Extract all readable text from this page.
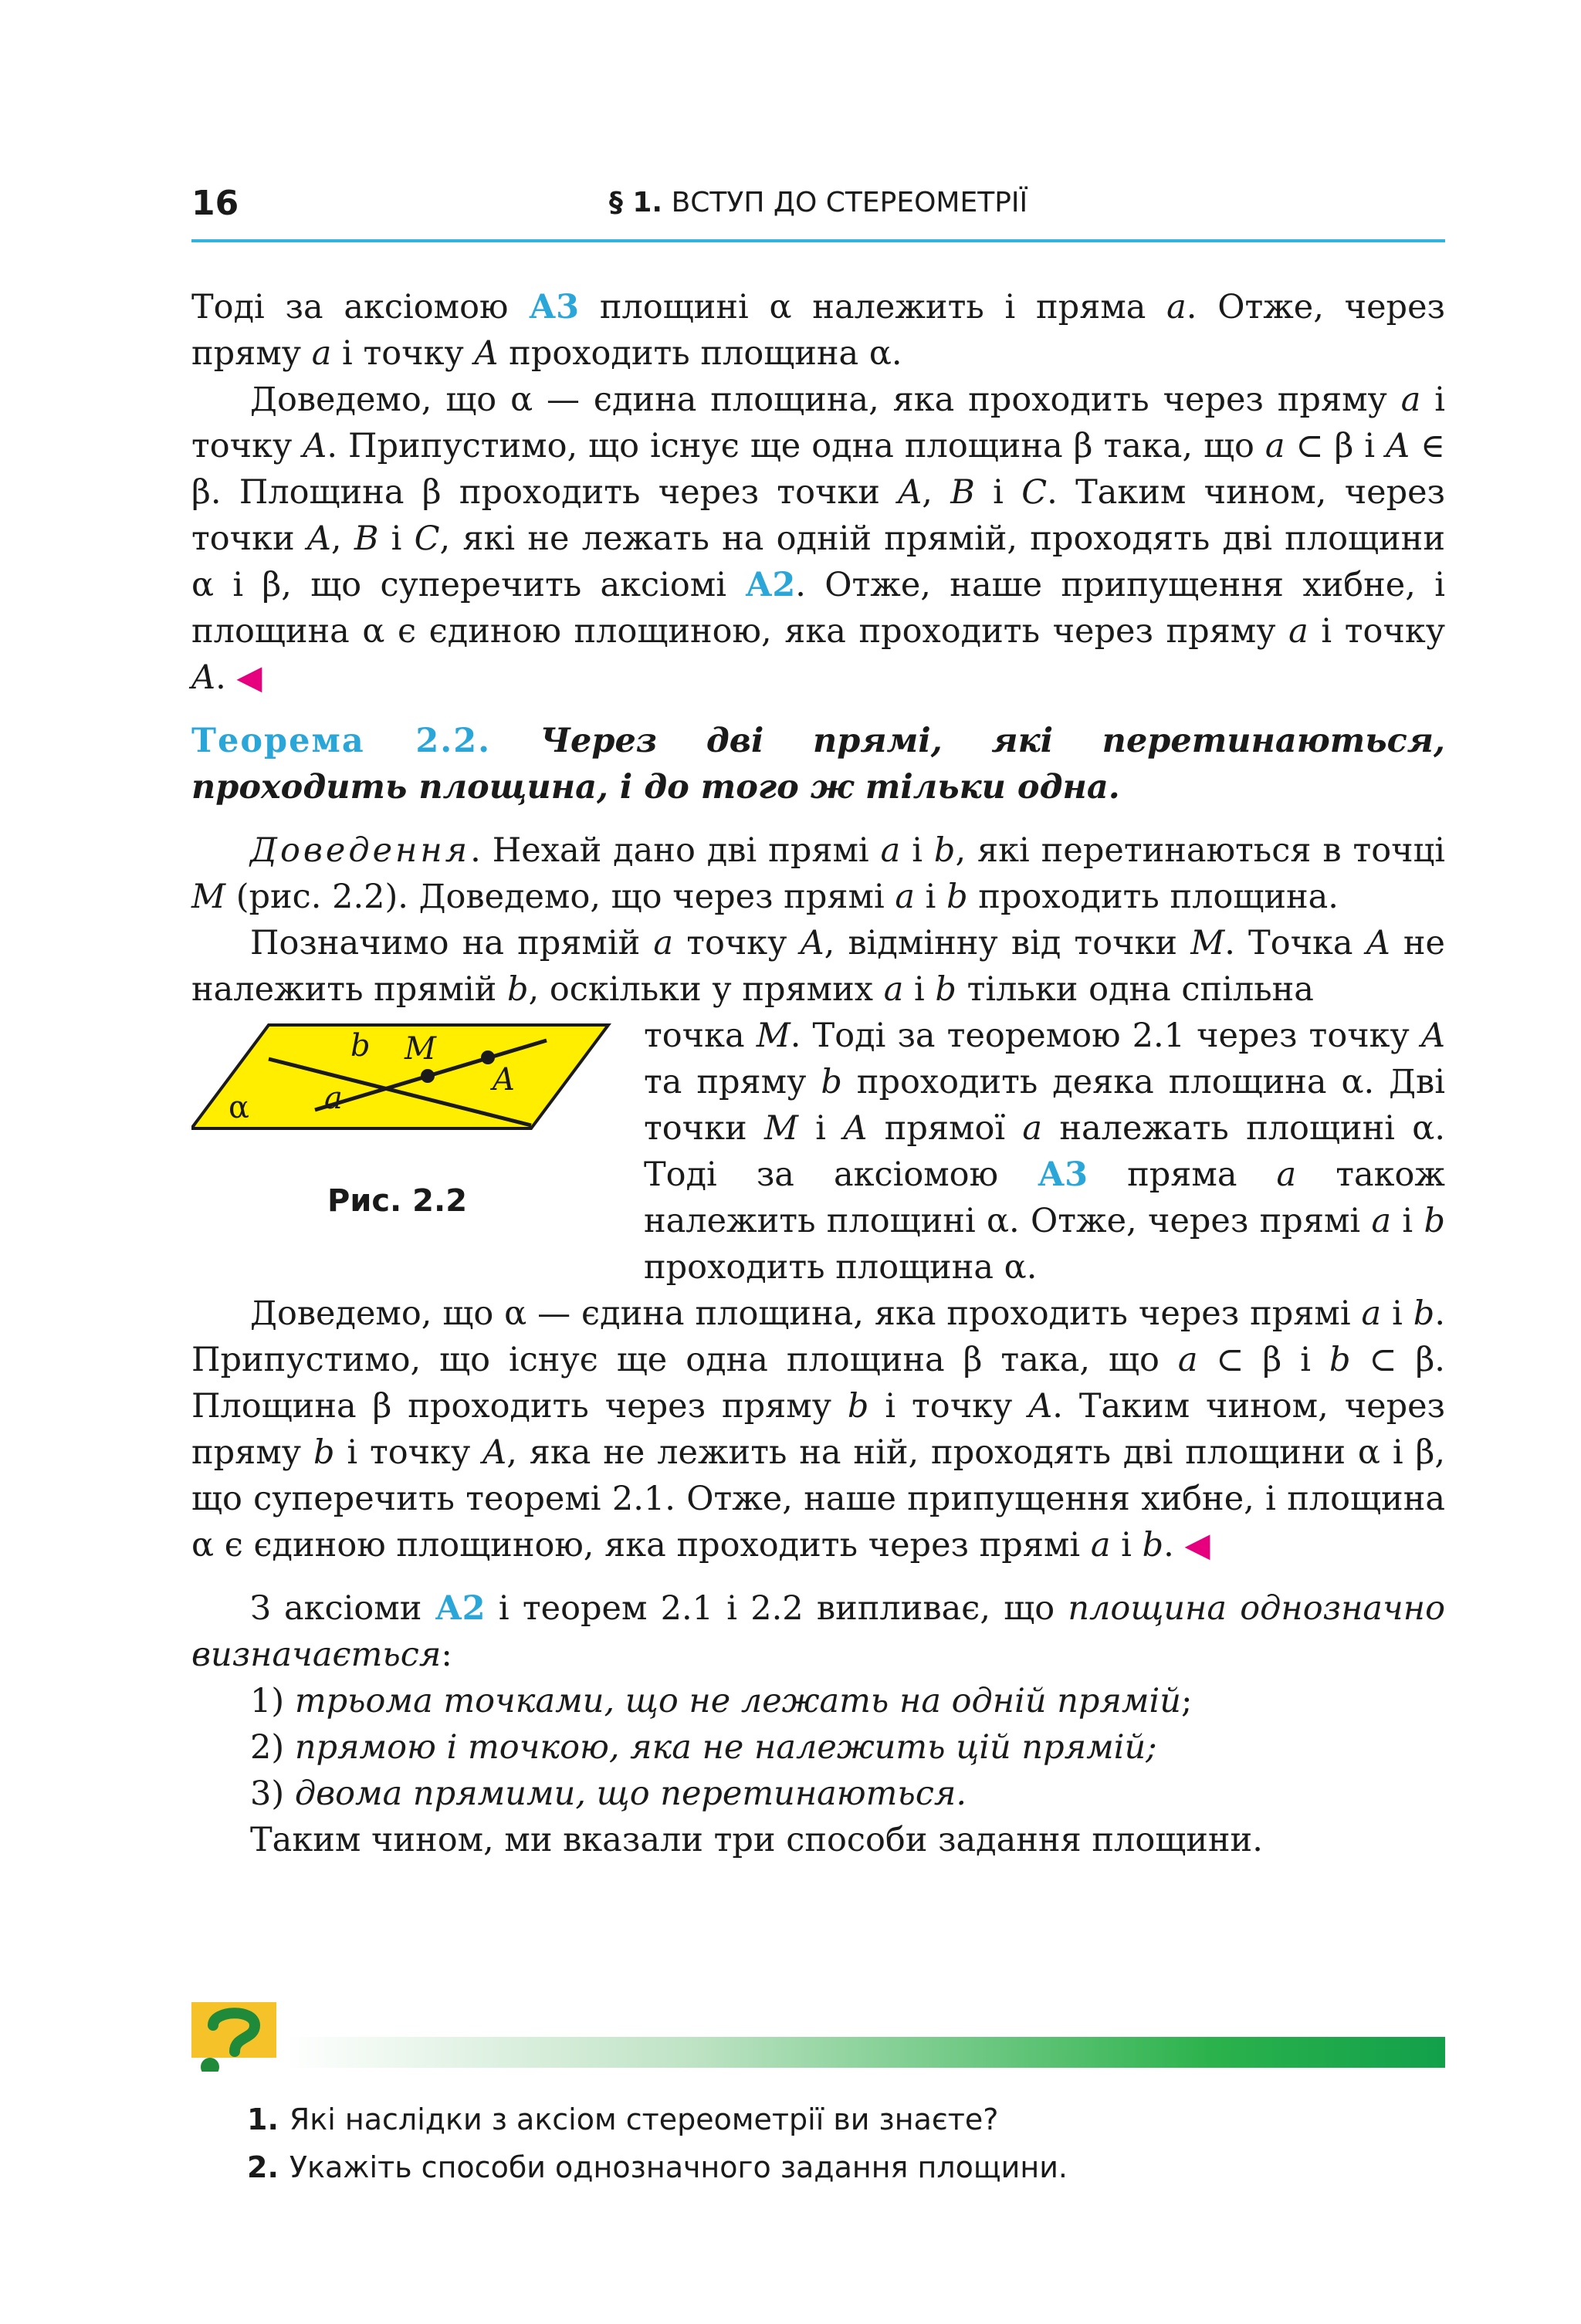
16	§ 1. ВСТУП ДО СТЕРЕОМЕТРІЇ

Тоді за аксіомою А3 площині α належить і пряма a. Отже, через пряму a і точку A проходить площина α.

Доведемо, що α — єдина площина, яка проходить через пряму a і точку A. Припустимо, що існує ще одна площина β така, що a ⊂ β і A ∈ β. Площина β проходить через точки A, B і C. Таким чином, через точки A, B і C, які не лежать на одній прямій, проходять дві площини α і β, що суперечить аксіомі А2. Отже, наше припущення хибне, і площина α є єдиною площиною, яка проходить через пряму a і точку A. ◀

Теорема 2.2. Через дві прямі, які перетинаються, проходить площина, і до того ж тільки одна.

Доведення. Нехай дано дві прямі a і b, які перетинаються в точці M (рис. 2.2). Доведемо, що через прямі a і b проходить площина.

Позначимо на прямій a точку A, відмінну від точки M. Точка A не належить прямій b, оскільки у прямих a і b тільки одна спільна

b M
A
α a
Рис. 2.2

точка M. Тоді за теоремою 2.1 через точку A та пряму b проходить деяка площина α. Дві точки M і A прямої a належать площині α. Тоді за аксіомою А3 пряма a також належить площині α. Отже, через прямі a і b проходить площина α.

Доведемо, що α — єдина площина, яка проходить через прямі a і b. Припустимо, що існує ще одна площина β така, що a ⊂ β і b ⊂ β. Площина β проходить через пряму b і точку A. Таким чином, через пряму b і точку A, яка не лежить на ній, проходять дві площини α і β, що суперечить теоремі 2.1. Отже, наше припущення хибне, і площина α є єдиною площиною, яка проходить через прямі a і b. ◀

З аксіоми А2 і теорем 2.1 і 2.2 випливає, що площина однозначно визначається:

1) трьома точками, що не лежать на одній прямій;

2) прямою і точкою, яка не належить цій прямій;

3) двома прямими, що перетинаються.

Таким чином, ми вказали три способи задання площини.

1. Які наслідки з аксіом стереометрії ви знаєте?
2. Укажіть способи однозначного задання площини.
